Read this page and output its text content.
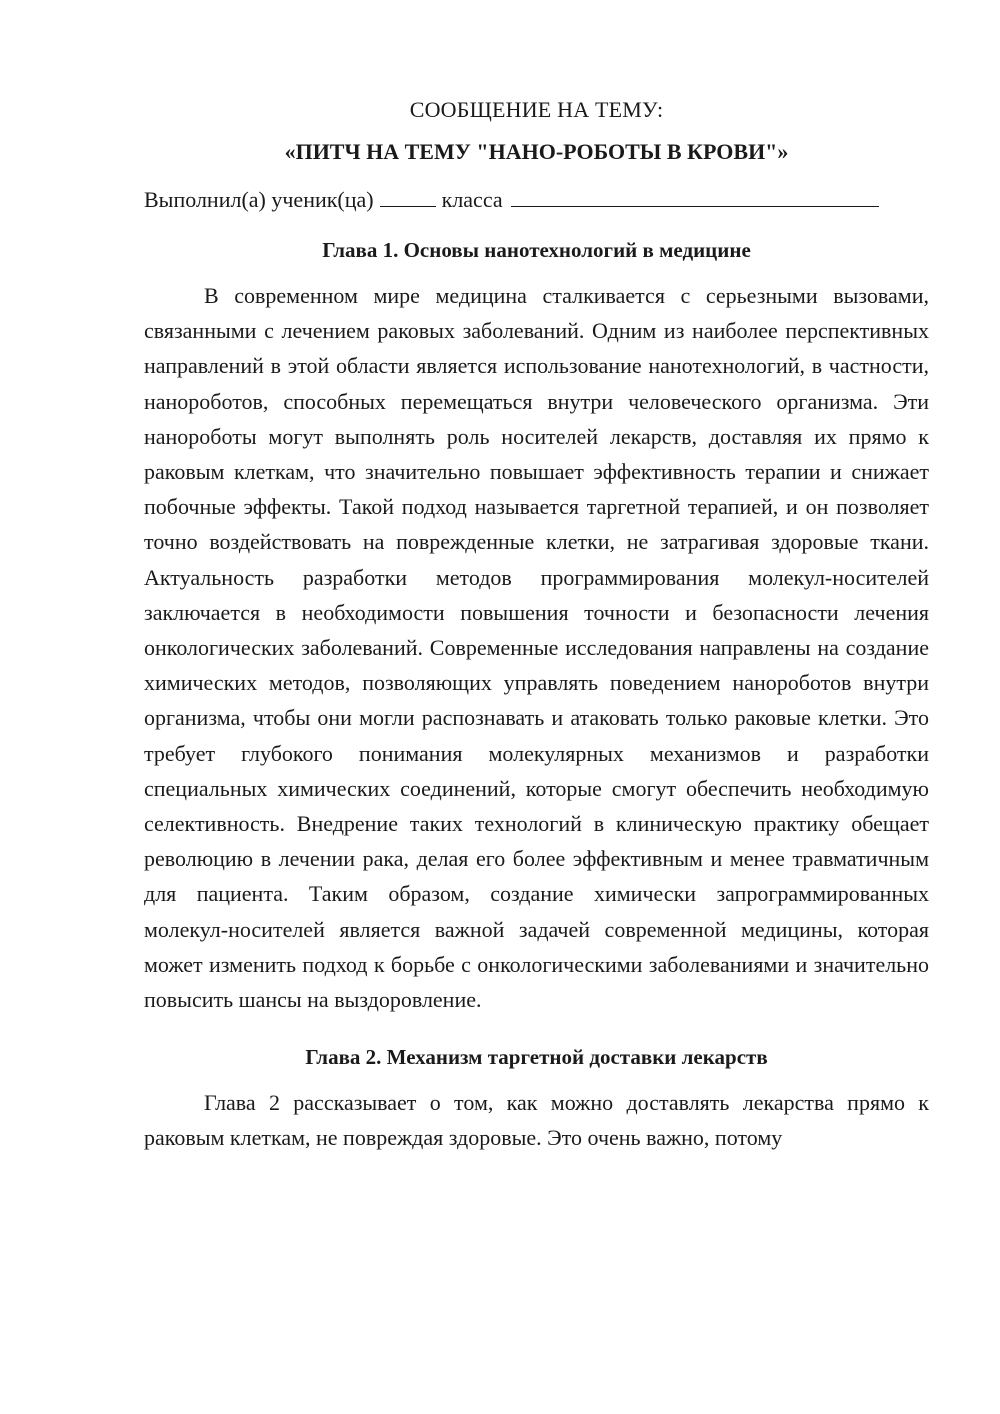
СООБЩЕНИЕ НА ТЕМУ:

«ПИТЧ НА ТЕМУ "НАНО-РОБОТЫ В КРОВИ"»

Выполнил(а) ученик(ца)	класса

Глава 1. Основы нанотехнологий в медицине

В современном мире медицина сталкивается с серьезными вызовами, связанными с лечением раковых заболеваний. Одним из наиболее перспективных направлений в этой области является использование нанотехнологий, в частности, нанороботов, способных перемещаться внутри человеческого организма. Эти нанороботы могут выполнять роль носителей лекарств, доставляя их прямо к раковым клеткам, что значительно повышает эффективность терапии и снижает побочные эффекты. Такой подход называется таргетной терапией, и он позволяет точно воздействовать на поврежденные клетки, не затрагивая здоровые ткани. Актуальность разработки методов программирования молекул-носителей заключается в необходимости повышения точности и безопасности лечения онкологических заболеваний. Современные исследования направлены на создание химических методов, позволяющих управлять поведением нанороботов внутри организма, чтобы они могли распознавать и атаковать только раковые клетки. Это требует глубокого понимания молекулярных механизмов и разработки специальных химических соединений, которые смогут обеспечить необходимую селективность. Внедрение таких технологий в клиническую практику обещает революцию в лечении рака, делая его более эффективным и менее травматичным для пациента. Таким образом, создание химически запрограммированных молекул-носителей является важной задачей современной медицины, которая может изменить подход к борьбе с онкологическими заболеваниями и значительно повысить шансы на выздоровление.

Глава 2. Механизм таргетной доставки лекарств

Глава 2 рассказывает о том, как можно доставлять лекарства прямо к раковым клеткам, не повреждая здоровые. Это очень важно, потому
